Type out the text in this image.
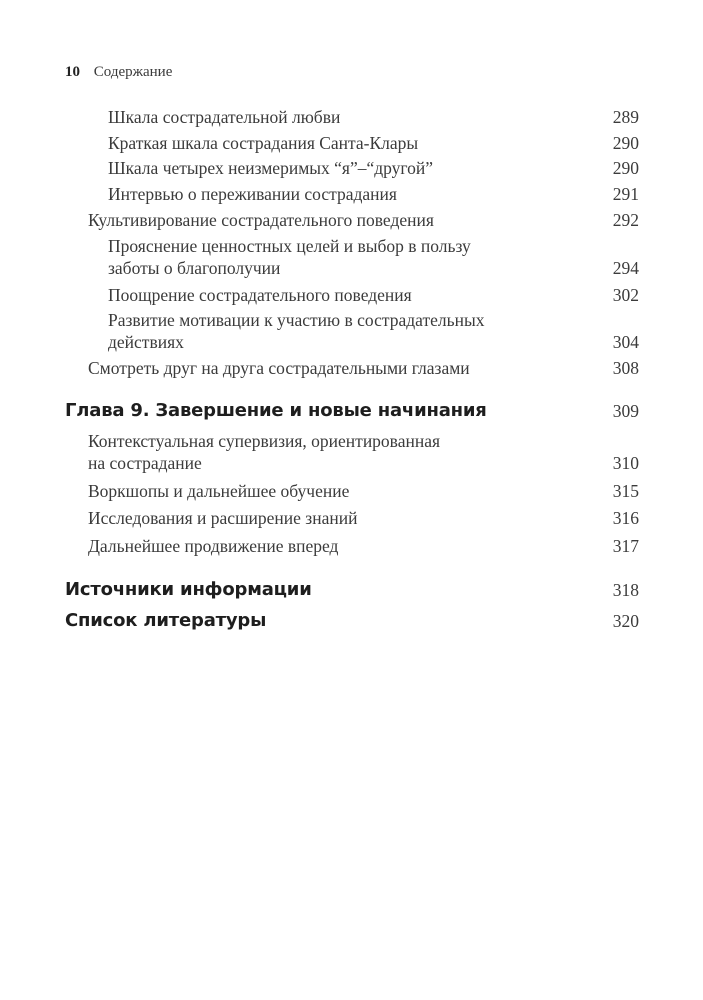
10 Содержание
Шкала сострадательной любви	289
Краткая шкала сострадания Санта-Клары	290
Шкала четырех неизмеримых “я”–“другой”	290
Интервью о переживании сострадания	291
Культивирование сострадательного поведения	292
Прояснение ценностных целей и выбор в пользу
заботы о благополучии	294
Поощрение сострадательного поведения	302
Развитие мотивации к участию в сострадательных
действиях	304
Смотреть друг на друга сострадательными глазами	308
Глава 9. Завершение и новые начинания	309
Контекстуальная супервизия, ориентированная
на сострадание	310
Воркшопы и дальнейшее обучение	315
Исследования и расширение знаний	316
Дальнейшее продвижение вперед	317
Источники информации	318
Список литературы	320
